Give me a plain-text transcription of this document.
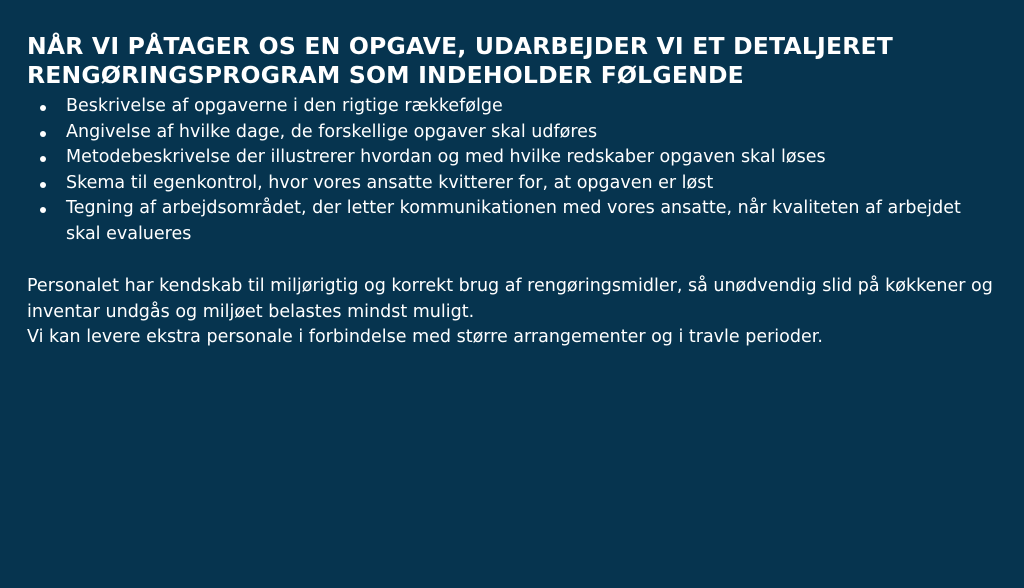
NÅR VI PÅTAGER OS EN OPGAVE, UDARBEJDER VI ET DETALJERET RENGØRINGSPROGRAM SOM INDEHOLDER FØLGENDE
Beskrivelse af opgaverne i den rigtige rækkefølge
Angivelse af hvilke dage, de forskellige opgaver skal udføres
Metodebeskrivelse der illustrerer hvordan og med hvilke redskaber opgaven skal løses
Skema til egenkontrol, hvor vores ansatte kvitterer for, at opgaven er løst
Tegning af arbejdsområdet, der letter kommunikationen med vores ansatte, når kvaliteten af arbejdet skal evalueres

Personalet har kendskab til miljørigtig og korrekt brug af rengøringsmidler, så unødvendig slid på køkkener og inventar undgås og miljøet belastes mindst muligt.

Vi kan levere ekstra personale i forbindelse med større arrangementer og i travle perioder.
